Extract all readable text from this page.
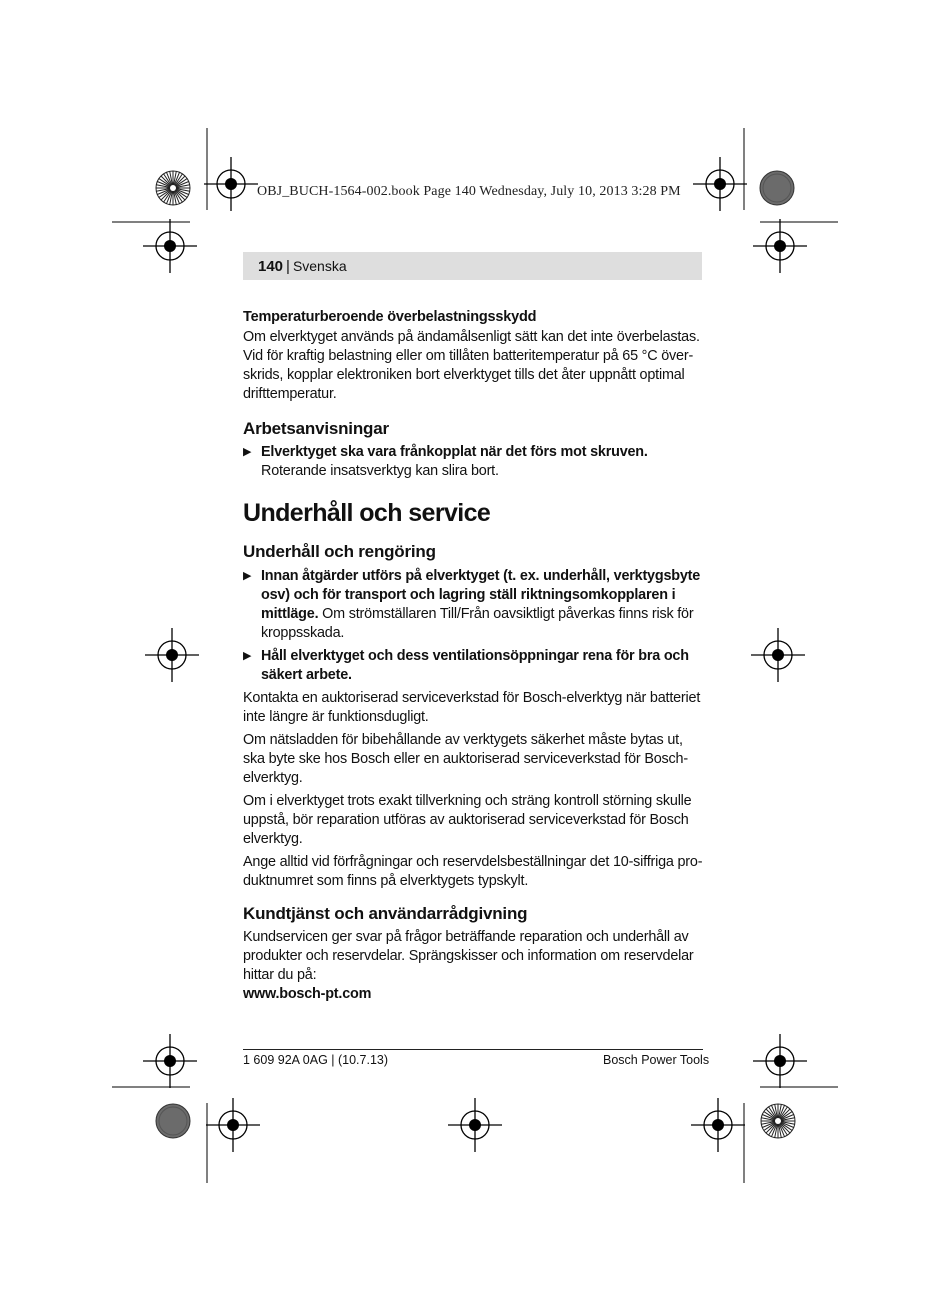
OBJ_BUCH-1564-002.book Page 140 Wednesday, July 10, 2013 3:28 PM
140 | Svenska

Temperaturberoende överbelastningsskydd

Om elverktyget används på ändamålsenligt sätt kan det inte överbelastas. Vid för kraftig belastning eller om tillåten batteritemperatur på 65 °C överskrids, kopplar elektroniken bort elverktyget tills det åter uppnått optimal drifttemperatur.

Arbetsanvisningar

▶ Elverktyget ska vara frånkopplat när det förs mot skruven. Roterande insatsverktyg kan slira bort.

Underhåll och service

Underhåll och rengöring

▶ Innan åtgärder utförs på elverktyget (t. ex. underhåll, verktygsbyte osv) och för transport och lagring ställ riktningsomkopplaren i mittläge. Om strömställaren Till/Från oavsiktligt påverkas finns risk för kroppsskada.
▶ Håll elverktyget och dess ventilationsöppningar rena för bra och säkert arbete.

Kontakta en auktoriserad serviceverkstad för Bosch-elverktyg när batteriet inte längre är funktionsdugligt.

Om nätsladden för bibehållande av verktygets säkerhet måste bytas ut, ska byte ske hos Bosch eller en auktoriserad serviceverkstad för Bosch-elverktyg.

Om i elverktyget trots exakt tillverkning och sträng kontroll störning skulle uppstå, bör reparation utföras av auktoriserad serviceverkstad för Bosch elverktyg.

Ange alltid vid förfrågningar och reservdelsbeställningar det 10-siffriga produktnumret som finns på elverktygets typskylt.

Kundtjänst och användarrådgivning

Kundservicen ger svar på frågor beträffande reparation och underhåll av produkter och reservdelar. Sprängskisser och information om reservdelar hittar du på:

www.bosch-pt.com

1 609 92A 0AG | (10.7.13)	Bosch Power Tools
